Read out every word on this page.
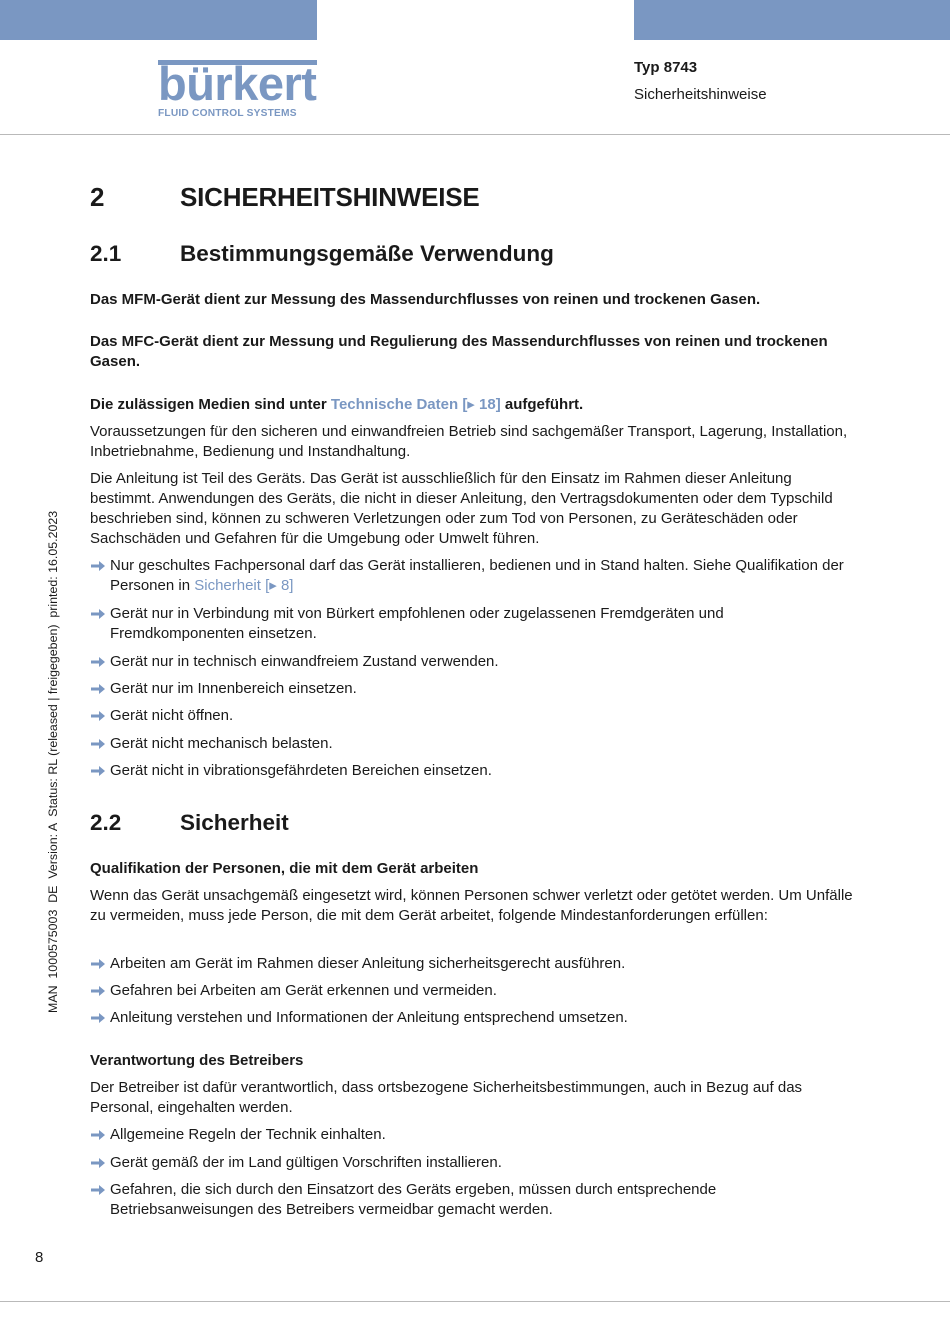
bürkert
FLUID CONTROL SYSTEMS
Typ 8743
Sicherheitshinweise
MAN  1000575003  DE  Version: A  Status: RL (released | freigegeben)  printed: 16.05.2023
2	SICHERHEITSHINWEISE
2.1	Bestimmungsgemäße Verwendung
Das MFM-Gerät dient zur Messung des Massendurchflusses von reinen und trockenen Gasen.
Das MFC-Gerät dient zur Messung und Regulierung des Massendurchflusses von reinen und trockenen Gasen.
Die zulässigen Medien sind unter Technische Daten [▸ 18] aufgeführt.
Voraussetzungen für den sicheren und einwandfreien Betrieb sind sachgemäßer Transport, Lagerung, Installation, Inbetriebnahme, Bedienung und Instandhaltung.
Die Anleitung ist Teil des Geräts. Das Gerät ist ausschließlich für den Einsatz im Rahmen dieser Anleitung bestimmt. Anwendungen des Geräts, die nicht in dieser Anleitung, den Vertragsdokumenten oder dem Typschild beschrieben sind, können zu schweren Verletzungen oder zum Tod von Personen, zu Geräteschäden oder Sachschäden und Gefahren für die Umgebung oder Umwelt führen.
Nur geschultes Fachpersonal darf das Gerät installieren, bedienen und in Stand halten. Siehe Qualifikation der Personen in Sicherheit [▸ 8]
Gerät nur in Verbindung mit von Bürkert empfohlenen oder zugelassenen Fremdgeräten und Fremdkomponenten einsetzen.
Gerät nur in technisch einwandfreiem Zustand verwenden.
Gerät nur im Innenbereich einsetzen.
Gerät nicht öffnen.
Gerät nicht mechanisch belasten.
Gerät nicht in vibrationsgefährdeten Bereichen einsetzen.
2.2	Sicherheit
Qualifikation der Personen, die mit dem Gerät arbeiten
Wenn das Gerät unsachgemäß eingesetzt wird, können Personen schwer verletzt oder getötet werden. Um Unfälle zu vermeiden, muss jede Person, die mit dem Gerät arbeitet, folgende Mindestanforderungen erfüllen:
Arbeiten am Gerät im Rahmen dieser Anleitung sicherheitsgerecht ausführen.
Gefahren bei Arbeiten am Gerät erkennen und vermeiden.
Anleitung verstehen und Informationen der Anleitung entsprechend umsetzen.
Verantwortung des Betreibers
Der Betreiber ist dafür verantwortlich, dass ortsbezogene Sicherheitsbestimmungen, auch in Bezug auf das Personal, eingehalten werden.
Allgemeine Regeln der Technik einhalten.
Gerät gemäß der im Land gültigen Vorschriften installieren.
Gefahren, die sich durch den Einsatzort des Geräts ergeben, müssen durch entsprechende Betriebsanweisungen des Betreibers vermeidbar gemacht werden.
8
